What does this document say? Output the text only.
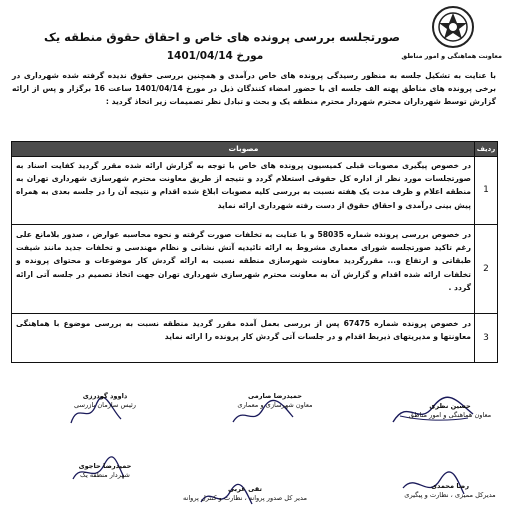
معاونت هماهنگی و امور مناطق
صورتجلسه بررسی پرونده های خاص و احقاق حقوق منطقه یک
مورخ 1401/04/14
با عنایت به تشکیل جلسه به منظور رسیدگی پرونده های خاص درآمدی و همچنین بررسی حقوق ندیده گرفته شده شهرداری در برخی پرونده های مناطق پهنه الف جلسه ای با حضور امضاء کنندگان ذیل در مورخ 1401/04/14 ساعت 16 برگزار و پس از ارائه گزارش توسط شهرداران محترم شهردار محترم منطقه یک و بحث و تبادل نظر تصمیمات زیر اتخاذ گردید :
ردیف
مصوبات
1
در خصوص پیگیری مصوبات قبلی کمیسیون پرونده های خاص با توجه به گزارش ارائه شده مقرر گردید کفایت اسناد به صورتجلسات مورد نظر از اداره کل حقوقی استعلام گردد و نتیجه از طریق معاونت محترم شهرسازی شهرداری تهران به منطقه اعلام و ظرف مدت یک هفته نسبت به بررسی کلیه مصوبات ابلاغ شده اقدام و نتیجه آن را در جلسه بعدی به همراه پیش بینی درآمدی و احقاق حقوق از دست رفته شهرداری ارائه نماید
2
در خصوص بررسی پرونده شماره 58035 و با عنایت به تخلفات صورت گرفته و نحوه محاسبه عوارض ، صدور بلامانع علی رغم تاکید صورتجلسه شورای معماری مشروط به ارائه تائیدیه آتش نشانی و نظام مهندسی و تخلفات جدید مانند شیفت طبقاتی و ارتفاع و... مقررگردید معاونت شهرسازی منطقه نسبت به ارائه گردش کار موضوعات و محتوای پرونده و تخلفات ارائه شده اقدام و گزارش آن به معاونت محترم شهرسازی شهرداری تهران جهت اتخاذ تصمیم در جلسه آتی ارائه گردد .
3
در خصوص پرونده شماره 67475 پس از بررسی بعمل آمده مقرر گردید منطقه نسبت به بررسی موضوع با هماهنگی معاونتها و مدیریتهای ذیربط اقدام و در جلسات آتی گردش کار پرونده را ارائه نماید
حسین نظری
معاون هماهنگی و امور مناطق
حمیدرضا صارمی
معاون شهرسازی و معماری
داوود گودرزی
رئیس سازمان بازرسی
رضا محمدی
مدیرکل ممیزی ، نظارت و پیگیری
تقی عربی
مدیر کل صدور پروانه ، نظارت و کنترل پروانه
حمیدرضا حاجوی
شهردار منطقه یک
